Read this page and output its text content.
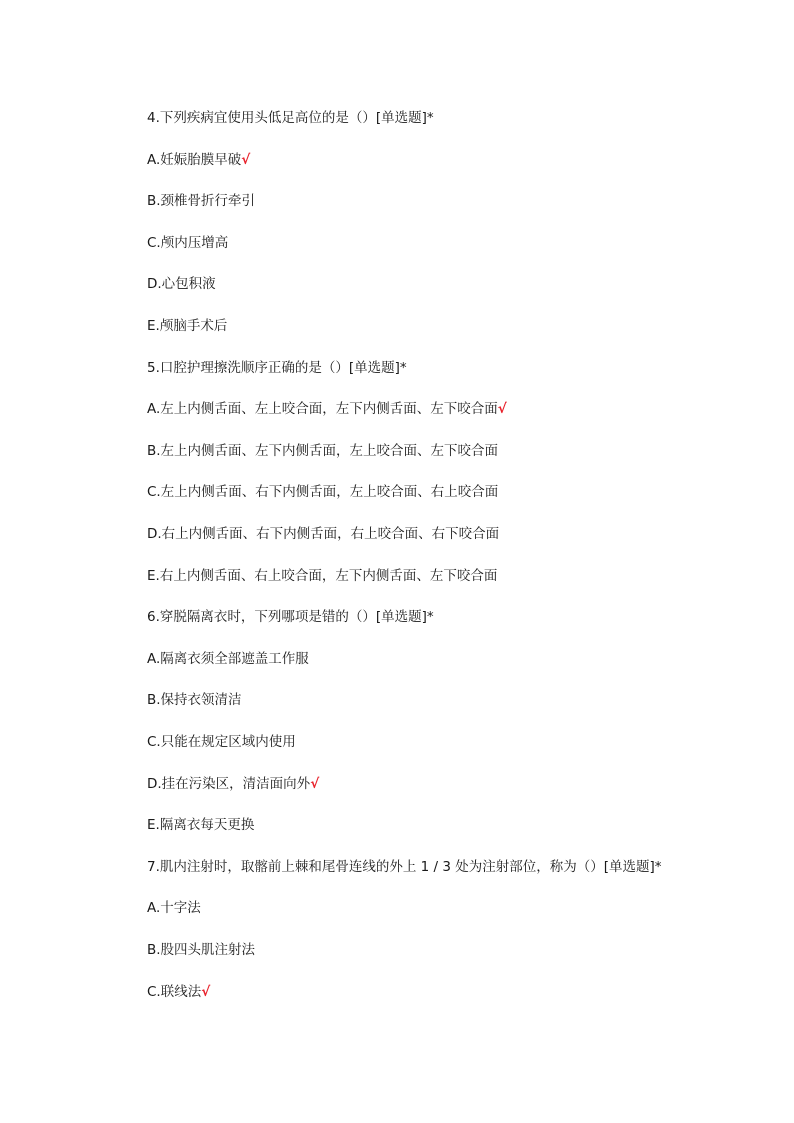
4.下列疾病宜使用头低足高位的是（）[单选题]*
A.妊娠胎膜早破√
B.颈椎骨折行牵引
C.颅内压增高
D.心包积液
E.颅脑手术后
5.口腔护理擦洗顺序正确的是（）[单选题]*
A.左上内侧舌面、左上咬合面，左下内侧舌面、左下咬合面√
B.左上内侧舌面、左下内侧舌面，左上咬合面、左下咬合面
C.左上内侧舌面、右下内侧舌面，左上咬合面、右上咬合面
D.右上内侧舌面、右下内侧舌面，右上咬合面、右下咬合面
E.右上内侧舌面、右上咬合面，左下内侧舌面、左下咬合面
6.穿脱隔离衣时，下列哪项是错的（）[单选题]*
A.隔离衣须全部遮盖工作服
B.保持衣领清洁
C.只能在规定区域内使用
D.挂在污染区，清洁面向外√
E.隔离衣每天更换
7.肌内注射时，取髂前上棘和尾骨连线的外上 1 / 3 处为注射部位，称为（）[单选题]*
A.十字法
B.股四头肌注射法
C.联线法√
